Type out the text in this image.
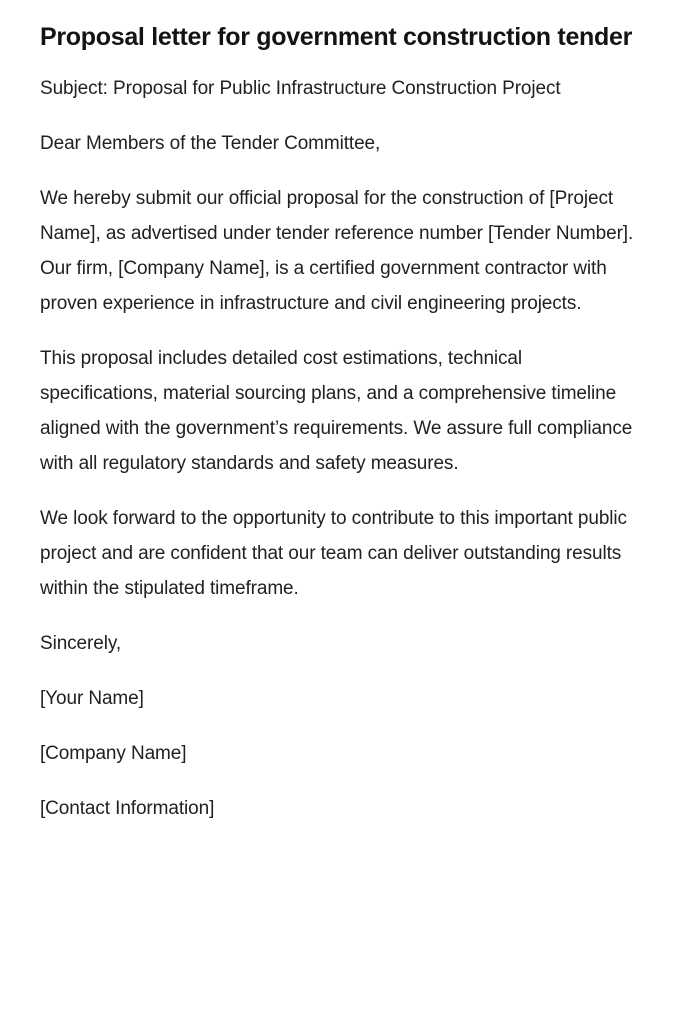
Proposal letter for government construction tender

Subject: Proposal for Public Infrastructure Construction Project

Dear Members of the Tender Committee,

We hereby submit our official proposal for the construction of [Project Name], as advertised under tender reference number [Tender Number]. Our firm, [Company Name], is a certified government contractor with proven experience in infrastructure and civil engineering projects.

This proposal includes detailed cost estimations, technical specifications, material sourcing plans, and a comprehensive timeline aligned with the government’s requirements. We assure full compliance with all regulatory standards and safety measures.

We look forward to the opportunity to contribute to this important public project and are confident that our team can deliver outstanding results within the stipulated timeframe.

Sincerely,

[Your Name]

[Company Name]

[Contact Information]
